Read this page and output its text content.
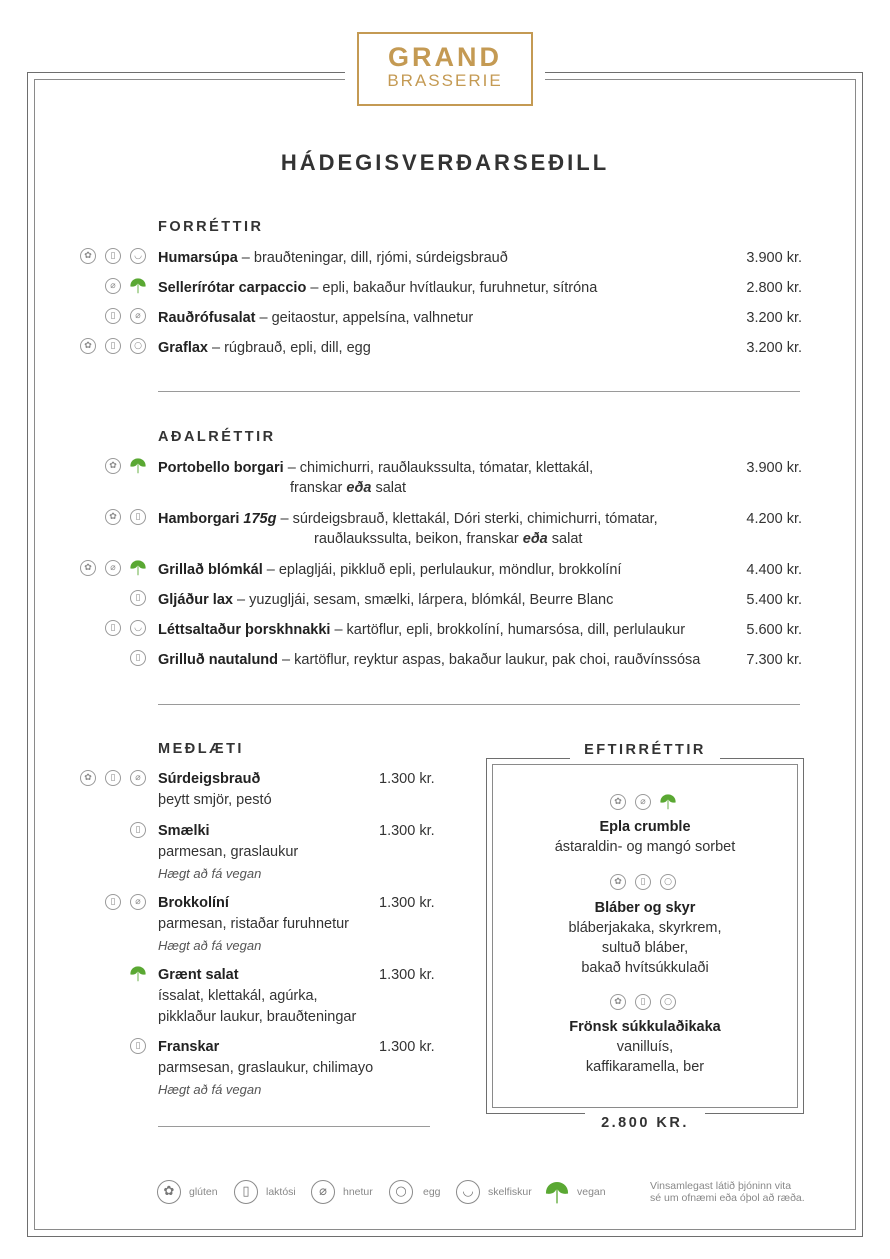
GRAND
BRASSERIE
HÁDEGISVERÐARSEÐILL
FORRÉTTIR
✿	▯	◡ Humarsúpa – brauðteningar, dill, rjómi, súrdeigsbrauð	3.900 kr.
⌀	Sellerírótar carpaccio – epli, bakaður hvítlaukur, furuhnetur, sítróna	2.800 kr.
▯	⌀	Rauðrófusalat – geitaostur, appelsína, valhnetur	3.200 kr.
✿	▯	○ Graflax – rúgbrauð, epli, dill, egg	3.200 kr.
AÐALRÉTTIR
✿	Portobello borgari – chimichurri, rauðlaukssulta, tómatar, klettakál,	3.900 kr.
franskar eða salat
✿	▯	Hamborgari 175g – súrdeigsbrauð, klettakál, Dóri sterki, chimichurri, tómatar,	4.200 kr.
rauðlaukssulta, beikon, franskar eða salat
✿	⌀	Grillað blómkál – eplagljái, pikkluð epli, perlulaukur, möndlur, brokkolíní	4.400 kr.
▯	Gljáður lax – yuzugljái, sesam, smælki, lárpera, blómkál, Beurre Blanc	5.400 kr.
▯	◡ Léttsaltaður þorskhnakki – kartöflur, epli, brokkolíní, humarsósa, dill, perlulaukur	5.600 kr.
▯	Grilluð nautalund – kartöflur, reyktur aspas, bakaður laukur, pak choi, rauðvínssósa	7.300 kr.
MEÐLÆTI
✿	▯	⌀	Súrdeigsbrauð	1.300 kr.
þeytt smjör, pestó
▯	Smælki	1.300 kr.
parmesan, graslaukur
Hægt að fá vegan
▯	⌀	Brokkolíní	1.300 kr.
parmesan, ristaðar furuhnetur
Hægt að fá vegan
Grænt salat	1.300 kr.
íssalat, klettakál, agúrka,
pikklaður laukur, brauðteningar
▯	Franskar	1.300 kr.
parmsesan, graslaukur, chilimayo
Hægt að fá vegan
EFTIRRÉTTIR
2.800 KR.
✿	⌀
Epla crumble
ástaraldin- og mangó sorbet
✿	▯	○
Bláber og skyr
bláberjakaka, skyrkrem,
sultuð bláber,
bakað hvítsúkkulaði
✿	▯	○
Frönsk súkkulaðikaka
vanilluís,
kaffikaramella, ber
✿	glúten	▯	laktósi	⌀	hnetur	○	egg	◡	skelfiskur	vegan	Vinsamlegast látið þjóninn vita
sé um ofnæmi eða óþol að ræða.
